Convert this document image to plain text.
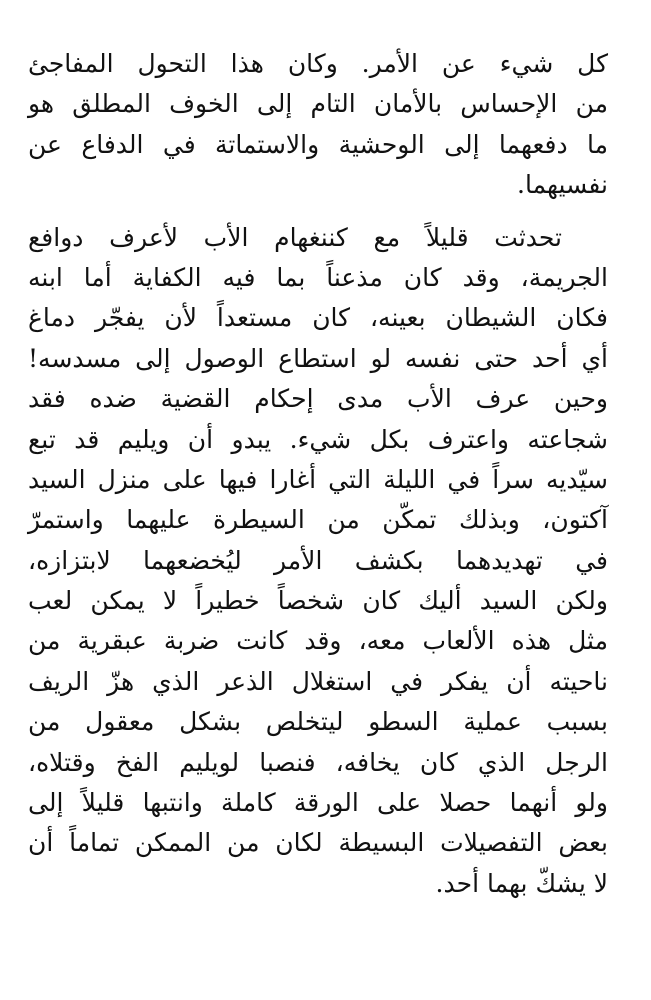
كل شيء عن الأمر. وكان هذا التحول المفاجئ
من الإحساس بالأمان التام إلى الخوف المطلق هو
ما دفعهما إلى الوحشية والاستماتة في الدفاع عن
نفسيهما.

تحدثت قليلاً مع كننغهام الأب لأعرف دوافع
الجريمة، وقد كان مذعناً بما فيه الكفاية أما ابنه
فكان الشيطان بعينه، كان مستعداً لأن يفجّر دماغ
أي أحد حتى نفسه لو استطاع الوصول إلى مسدسه!
وحين عرف الأب مدى إحكام القضية ضده فقد
شجاعته واعترف بكل شيء. يبدو أن ويليم قد تبع
سيّديه سراً في الليلة التي أغارا فيها على منزل السيد
آكتون، وبذلك تمكّن من السيطرة عليهما واستمرّ
في تهديدهما بكشف الأمر ليُخضعهما لابتزازه،
ولكن السيد أليك كان شخصاً خطيراً لا يمكن لعب
مثل هذه الألعاب معه، وقد كانت ضربة عبقرية من
ناحيته أن يفكر في استغلال الذعر الذي هزّ الريف
بسبب عملية السطو ليتخلص بشكل معقول من
الرجل الذي كان يخافه، فنصبا لويليم الفخ وقتلاه،
ولو أنهما حصلا على الورقة كاملة وانتبها قليلاً إلى
بعض التفصيلات البسيطة لكان من الممكن تماماً أن
لا يشكّ بهما أحد.
